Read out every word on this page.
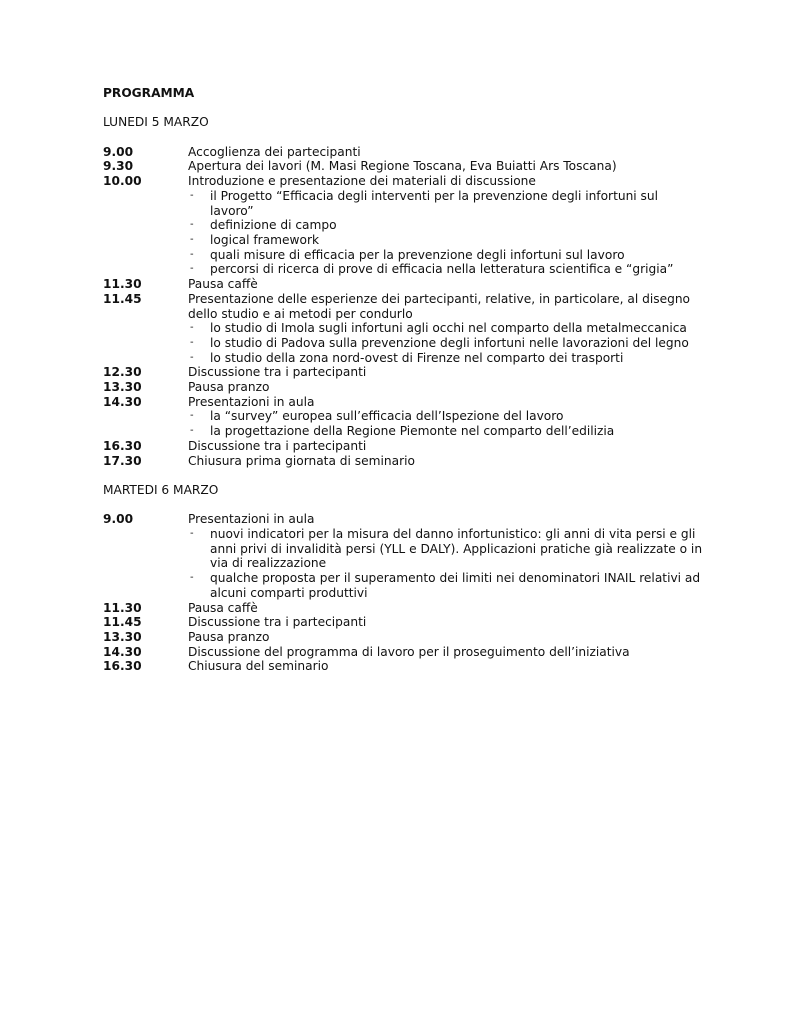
PROGRAMMA

LUNEDI 5 MARZO

9.00	Accoglienza dei partecipanti
9.30	Apertura dei lavori (M. Masi Regione Toscana, Eva Buiatti Ars Toscana)
10.00	Introduzione e presentazione dei materiali di discussione
- il Progetto “Efficacia degli interventi per la prevenzione degli infortuni sul lavoro”
- definizione di campo
- logical framework
- quali misure di efficacia per la prevenzione degli infortuni sul lavoro
- percorsi di ricerca di prove di efficacia nella letteratura scientifica e “grigia”
11.30	Pausa caffè
11.45	Presentazione delle esperienze dei partecipanti, relative, in particolare, al disegno dello studio e ai metodi per condurlo
- lo studio di Imola sugli infortuni agli occhi nel comparto della metalmeccanica
- lo studio di Padova sulla prevenzione degli infortuni nelle lavorazioni del legno
- lo studio della zona nord-ovest di Firenze nel comparto dei trasporti
12.30	Discussione tra i partecipanti
13.30	Pausa pranzo
14.30	Presentazioni in aula
- la “survey” europea sull’efficacia dell’Ispezione del lavoro
- la progettazione della Regione Piemonte nel comparto dell’edilizia
16.30	Discussione tra i partecipanti
17.30	Chiusura prima giornata di seminario

MARTEDI 6 MARZO

9.00	Presentazioni in aula
- nuovi indicatori per la misura del danno infortunistico: gli anni di vita persi e gli anni privi di invalidità persi (YLL e DALY). Applicazioni pratiche già realizzate o in via di realizzazione
- qualche proposta per il superamento dei limiti nei denominatori INAIL relativi ad alcuni comparti produttivi
11.30	Pausa caffè
11.45	Discussione tra i partecipanti
13.30	Pausa pranzo
14.30	Discussione del programma di lavoro per il proseguimento dell’iniziativa
16.30	Chiusura del seminario
